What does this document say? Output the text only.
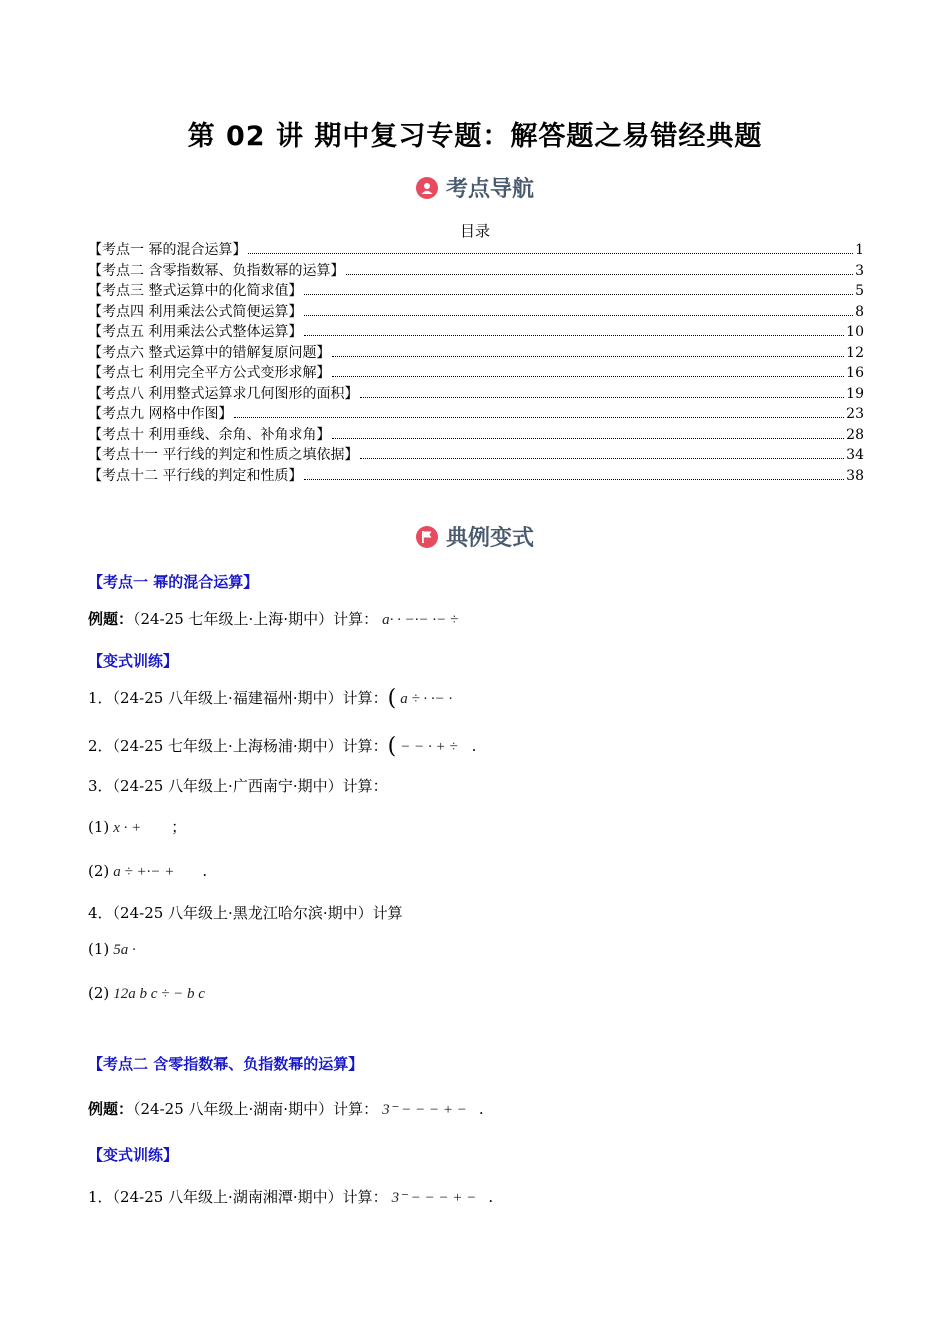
第 02 讲 期中复习专题：解答题之易错经典题
考点导航
目录
【考点一 幂的混合运算】	1
【考点二 含零指数幂、负指数幂的运算】	3
【考点三 整式运算中的化简求值】	5
【考点四 利用乘法公式简便运算】	8
【考点五 利用乘法公式整体运算】	10
【考点六 整式运算中的错解复原问题】	12
【考点七 利用完全平方公式变形求解】	16
【考点八 利用整式运算求几何图形的面积】	19
【考点九 网格中作图】	23
【考点十 利用垂线、余角、补角求角】	28
【考点十一 平行线的判定和性质之填依据】	34
【考点十二 平行线的判定和性质】	38
典例变式
【考点一 幂的混合运算】
例题：（24-25 七年级上·上海·期中）计算： a· · −·− ·− ÷
【变式训练】
1．（24-25 八年级上·福建福州·期中）计算：( a ÷ · ·− ·
2．（24-25 七年级上·上海杨浦·期中）计算：( − − · + ÷ .
3．（24-25 八年级上·广西南宁·期中）计算：
(1) x · + ；
(2) a ÷ +·− + .
4．（24-25 八年级上·黑龙江哈尔滨·期中）计算
(1) 5a ·
(2) 12a b c ÷ − b c
【考点二 含零指数幂、负指数幂的运算】
例题：（24-25 八年级上·湖南·期中）计算： 3⁻ − − − + − .
【变式训练】
1．（24-25 八年级上·湖南湘潭·期中）计算： 3⁻ − − − + − .
